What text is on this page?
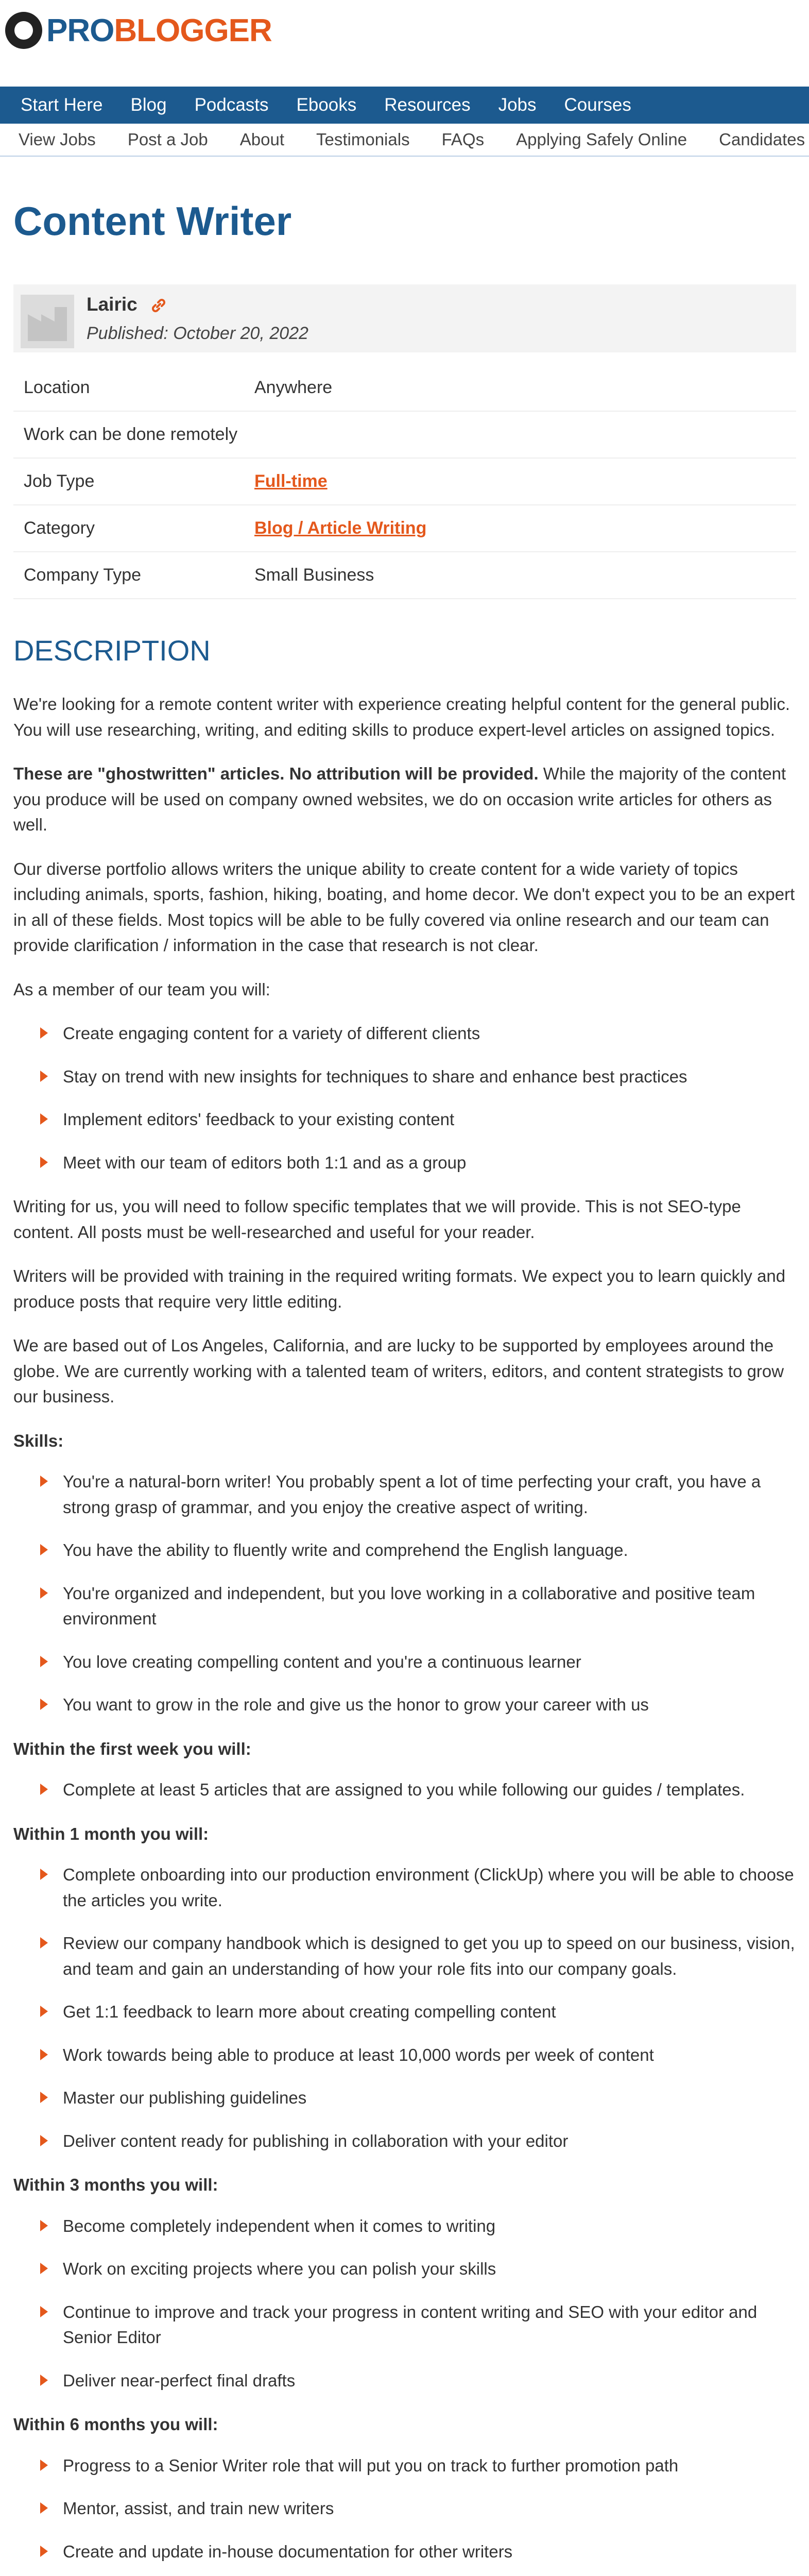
PROBLOGGER
Start Here Blog Podcasts Ebooks Resources Jobs Courses
View Jobs Post a Job About Testimonials FAQs Applying Safely Online Candidates
Content Writer
Lairic
Published: October 20, 2022
Location	Anywhere
Work can be done remotely	
Job Type	Full-time
Category	Blog / Article Writing
Company Type	Small Business
DESCRIPTION

We're looking for a remote content writer with experience creating helpful content for the general public. You will use researching, writing, and editing skills to produce expert-level articles on assigned topics.

These are "ghostwritten" articles. No attribution will be provided. While the majority of the content you produce will be used on company owned websites, we do on occasion write articles for others as well.

Our diverse portfolio allows writers the unique ability to create content for a wide variety of topics including animals, sports, fashion, hiking, boating, and home decor. We don't expect you to be an expert in all of these fields. Most topics will be able to be fully covered via online research and our team can provide clarification / information in the case that research is not clear.

As a member of our team you will:

Create engaging content for a variety of different clients
Stay on trend with new insights for techniques to share and enhance best practices
Implement editors' feedback to your existing content
Meet with our team of editors both 1:1 and as a group

Writing for us, you will need to follow specific templates that we will provide. This is not SEO-type content. All posts must be well-researched and useful for your reader.

Writers will be provided with training in the required writing formats. We expect you to learn quickly and produce posts that require very little editing.

We are based out of Los Angeles, California, and are lucky to be supported by employees around the globe. We are currently working with a talented team of writers, editors, and content strategists to grow our business.

Skills:

You're a natural-born writer! You probably spent a lot of time perfecting your craft, you have a strong grasp of grammar, and you enjoy the creative aspect of writing.
You have the ability to fluently write and comprehend the English language.
You're organized and independent, but you love working in a collaborative and positive team environment
You love creating compelling content and you're a continuous learner
You want to grow in the role and give us the honor to grow your career with us

Within the first week you will:

Complete at least 5 articles that are assigned to you while following our guides / templates.

Within 1 month you will:

Complete onboarding into our production environment (ClickUp) where you will be able to choose the articles you write.
Review our company handbook which is designed to get you up to speed on our business, vision, and team and gain an understanding of how your role fits into our company goals.
Get 1:1 feedback to learn more about creating compelling content
Work towards being able to produce at least 10,000 words per week of content
Master our publishing guidelines
Deliver content ready for publishing in collaboration with your editor

Within 3 months you will:

Become completely independent when it comes to writing
Work on exciting projects where you can polish your skills
Continue to improve and track your progress in content writing and SEO with your editor and Senior Editor
Deliver near-perfect final drafts

Within 6 months you will:

Progress to a Senior Writer role that will put you on track to further promotion path
Mentor, assist, and train new writers
Create and update in-house documentation for other writers
